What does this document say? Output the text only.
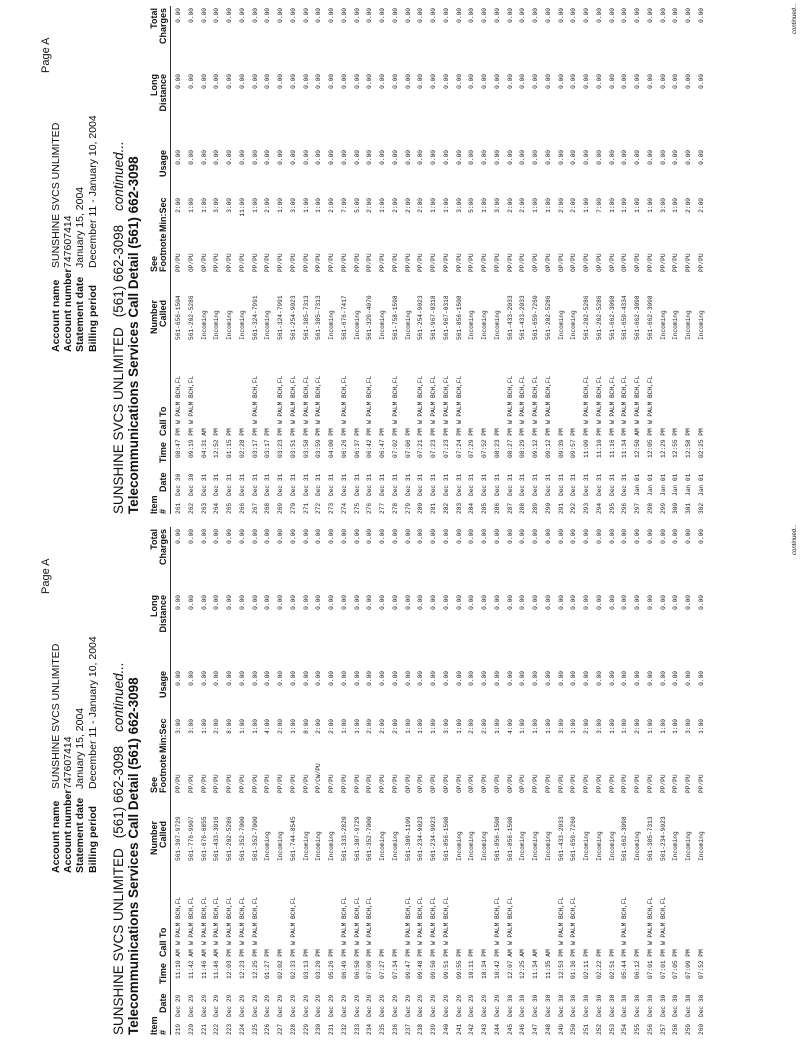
Page A
Account nameSUNSHINE SVCS UNLIMITED
Account number747607414
Statement dateJanuary 15, 2004
Billing periodDecember 11 - January 10, 2004
SUNSHINE SVCS UNLIMITED(561) 662-3098continued... Telecommunications Services Call Detail (561) 662-3098 Item #
Date
Time
Call To
Number
Called
See
Footnote
Min:Sec
Usage
Long
Distance
Total
Charges
219
Dec 29
11:10 AM
W PALM BCH,FL
561-307-9729
PP/PU
3:00
0.00
0.00
0.00
220
Dec 29
11:42 AM
W PALM BCH,FL
561-776-9907
PP/PU
3:00
0.00
0.00
0.00
221
Dec 29
11:46 AM
W PALM BCH,FL
561-676-6855
PP/PU
1:00
0.00
0.00
0.00
222
Dec 29
11:46 AM
W PALM BCH,FL
561-433-3016
PP/PU
2:00
0.00
0.00
0.00
223
Dec 29
12:03 PM
W PALM BCH,FL
561-202-5286
PP/PU
8:00
0.00
0.00
0.00
224
Dec 29
12:23 PM
W PALM BCH,FL
561-352-7000
PP/PU
1:00
0.00
0.00
0.00
225
Dec 29
12:25 PM
W PALM BCH,FL
561-352-7000
PP/PU
1:00
0.00
0.00
0.00
226
Dec 29
01:27 PM
Incoming
PP/PU
4:00
0.00
0.00
0.00
227
Dec 29
02:02 PM
Incoming
PP/PU
2:00
0.00
0.00
0.00
228
Dec 29
02:33 PM
W PALM BCH,FL
561-744-8545
PP/PU
1:00
0.00
0.00
0.00
229
Dec 29
03:13 PM
Incoming
PP/PU
8:00
0.00
0.00
0.00
230
Dec 29
03:20 PM
Incoming
PP/CW/PU
2:00
0.00
0.00
0.00
231
Dec 29
05:26 PM
Incoming
PP/PU
2:00
0.00
0.00
0.00
232
Dec 29
06:49 PM
W PALM BCH,FL
561-333-2820
PP/PU
1:00
0.00
0.00
0.00
233
Dec 29
06:50 PM
W PALM BCH,FL
561-307-9729
PP/PU
1:00
0.00
0.00
0.00
234
Dec 29
07:09 PM
W PALM BCH,FL
561-352-7000
PP/PU
2:00
0.00
0.00
0.00
235
Dec 29
07:27 PM
Incoming
PP/PU
2:00
0.00
0.00
0.00
236
Dec 29
07:34 PM
Incoming
PP/PU
2:00
0.00
0.00
0.00
237
Dec 29
09:47 PM
W PALM BCH,FL
561-309-1109
OP/PU
1:00
0.00
0.00
0.00
238
Dec 29
09:48 PM
W PALM BCH,FL
561-234-9023
OP/PU
1:00
0.00
0.00
0.00
239
Dec 29
09:50 PM
W PALM BCH,FL
561-234-9023
OP/PU
1:00
0.00
0.00
0.00
240
Dec 29
09:51 PM
W PALM BCH,FL
561-856-1508
OP/PU
3:00
0.00
0.00
0.00
241
Dec 29
09:55 PM
Incoming
OP/PU
1:00
0.00
0.00
0.00
242
Dec 29
10:11 PM
Incoming
OP/PU
2:00
0.00
0.00
0.00
243
Dec 29
10:34 PM
Incoming
OP/PU
2:00
0.00
0.00
0.00
244
Dec 29
10:42 PM
W PALM BCH,FL
561-856-1508
OP/PU
1:00
0.00
0.00
0.00
245
Dec 30
12:07 AM
W PALM BCH,FL
561-856-1508
OP/PU
4:00
0.00
0.00
0.00
246
Dec 30
12:25 AM
Incoming
OP/PU
1:00
0.00
0.00
0.00
247
Dec 30
11:34 AM
Incoming
PP/PU
1:00
0.00
0.00
0.00
248
Dec 30
11:35 AM
Incoming
PP/PU
1:00
0.00
0.00
0.00
249
Dec 30
12:53 PM
W PALM BCH,FL
561-433-2033
PP/PU
3:00
0.00
0.00
0.00
250
Dec 30
01:36 PM
W PALM BCH,FL
561-659-7260
PP/PU
1:00
0.00
0.00
0.00
251
Dec 30
02:11 PM
Incoming
PP/PU
2:00
0.00
0.00
0.00
252
Dec 30
02:22 PM
Incoming
PP/PU
3:00
0.00
0.00
0.00
253
Dec 30
02:51 PM
Incoming
PP/PU
1:00
0.00
0.00
0.00
254
Dec 30
05:44 PM
W PALM BCH,FL
561-662-3098
PP/PU
1:00
0.00
0.00
0.00
255
Dec 30
06:12 PM
Incoming
PP/PU
2:00
0.00
0.00
0.00
256
Dec 30
07:01 PM
W PALM BCH,FL
561-385-7313
PP/PU
1:00
0.00
0.00
0.00
257
Dec 30
07:01 PM
W PALM BCH,FL
561-234-9023
PP/PU
1:00
0.00
0.00
0.00
258
Dec 30
07:05 PM
Incoming
PP/PU
1:00
0.00
0.00
0.00
259
Dec 30
07:09 PM
Incoming
PP/PU
3:00
0.00
0.00
0.00
260
Dec 30
07:52 PM
Incoming
PP/PU
1:00
0.00
0.00
0.00	continued...
Page A
Account nameSUNSHINE SVCS UNLIMITED
Account number747607414
Statement dateJanuary 15, 2004
Billing periodDecember 11 - January 10, 2004
SUNSHINE SVCS UNLIMITED(561) 662-3098continued... Telecommunications Services Call Detail (561) 662-3098 Item #
Date
Time
Call To
Number
Called
See
Footnote
Min:Sec
Usage
Long
Distance
Total
Charges
261
Dec 30
08:47 PM
W PALM BCH,FL
561-656-1504
PP/PU
2:00
0.00
0.00
0.00
262
Dec 30
09:19 PM
W PALM BCH,FL
561-202-5286
OP/PU
1:00
0.00
0.00
0.00
263
Dec 31
04:31 AM
Incoming
OP/PU
1:00
0.00
0.00
0.00
264
Dec 31
12:52 PM
Incoming
PP/PU
3:00
0.00
0.00
0.00
265
Dec 31
01:15 PM
Incoming
PP/PU
3:00
0.00
0.00
0.00
266
Dec 31
02:28 PM
Incoming
PP/PU
11:00
0.00
0.00
0.00
267
Dec 31
03:17 PM
W PALM BCH,FL
561-324-7991
PP/PU
1:00
0.00
0.00
0.00
268
Dec 31
03:17 PM
Incoming
PP/PU
2:00
0.00
0.00
0.00
269
Dec 31
03:23 PM
W PALM BCH,FL
561-324-7991
PP/PU
1:00
0.00
0.00
0.00
270
Dec 31
03:51 PM
W PALM BCH,FL
561-254-9023
PP/PU
3:00
0.00
0.00
0.00
271
Dec 31
03:58 PM
W PALM BCH,FL
561-385-7313
PP/PU
1:00
0.00
0.00
0.00
272
Dec 31
03:59 PM
W PALM BCH,FL
561-385-7313
PP/PU
1:00
0.00
0.00
0.00
273
Dec 31
04:00 PM
Incoming
PP/PU
2:00
0.00
0.00
0.00
274
Dec 31
06:26 PM
W PALM BCH,FL
561-676-7417
PP/PU
7:00
0.00
0.00
0.00
275
Dec 31
06:37 PM
Incoming
PP/PU
5:00
0.00
0.00
0.00
276
Dec 31
06:42 PM
W PALM BCH,FL
561-329-4070
PP/PU
2:00
0.00
0.00
0.00
277
Dec 31
06:47 PM
Incoming
PP/PU
1:00
0.00
0.00
0.00
278
Dec 31
07:02 PM
W PALM BCH,FL
561-758-1598
PP/PU
2:00
0.00
0.00
0.00
279
Dec 31
07:06 PM
Incoming
PP/PU
2:00
0.00
0.00
0.00
280
Dec 31
07:21 PM
W PALM BCH,FL
561-254-9023
PP/PU
2:00
0.00
0.00
0.00
281
Dec 31
07:23 PM
W PALM BCH,FL
561-967-0318
PP/PU
1:00
0.00
0.00
0.00
282
Dec 31
07:23 PM
W PALM BCH,FL
561-967-0318
PP/PU
1:00
0.00
0.00
0.00
283
Dec 31
07:24 PM
W PALM BCH,FL
561-856-1508
PP/PU
3:00
0.00
0.00
0.00
284
Dec 31
07:29 PM
Incoming
PP/PU
5:00
0.00
0.00
0.00
285
Dec 31
07:52 PM
Incoming
PP/PU
1:00
0.00
0.00
0.00
286
Dec 31
08:23 PM
Incoming
PP/PU
3:00
0.00
0.00
0.00
287
Dec 31
08:27 PM
W PALM BCH,FL
561-433-2033
PP/PU
2:00
0.00
0.00
0.00
288
Dec 31
08:29 PM
W PALM BCH,FL
561-433-2033
PP/PU
2:00
0.00
0.00
0.00
289
Dec 31
09:12 PM
W PALM BCH,FL
561-659-7260
OP/PU
1:00
0.00
0.00
0.00
290
Dec 31
09:12 PM
W PALM BCH,FL
561-202-5286
OP/PU
1:00
0.00
0.00
0.00
291
Dec 31
09:39 PM
Incoming
OP/PU
2:00
0.00
0.00
0.00
292
Dec 31
09:57 PM
Incoming
OP/PU
2:00
0.00
0.00
0.00
293
Dec 31
11:09 PM
W PALM BCH,FL
561-202-5286
OP/PU
1:00
0.00
0.00
0.00
294
Dec 31
11:10 PM
W PALM BCH,FL
561-202-5286
OP/PU
7:00
0.00
0.00
0.00
295
Dec 31
11:16 PM
W PALM BCH,FL
561-662-3098
OP/PU
1:00
0.00
0.00
0.00
296
Dec 31
11:34 PM
W PALM BCH,FL
561-659-4334
OP/PU
1:00
0.00
0.00
0.00
297
Jan 01
12:50 AM
W PALM BCH,FL
561-662-3098
OP/PU
1:00
0.00
0.00
0.00
298
Jan 01
12:05 PM
W PALM BCH,FL
561-662-3098
PP/PU
1:00
0.00
0.00
0.00
299
Jan 01
12:29 PM
Incoming
PP/PU
3:00
0.00
0.00
0.00
300
Jan 01
12:55 PM
Incoming
PP/PU
1:00
0.00
0.00
0.00
301
Jan 01
12:58 PM
Incoming
PP/PU
2:00
0.00
0.00
0.00
302
Jan 01
02:25 PM
Incoming
PP/PU
2:00
0.00
0.00
0.00	continued...
